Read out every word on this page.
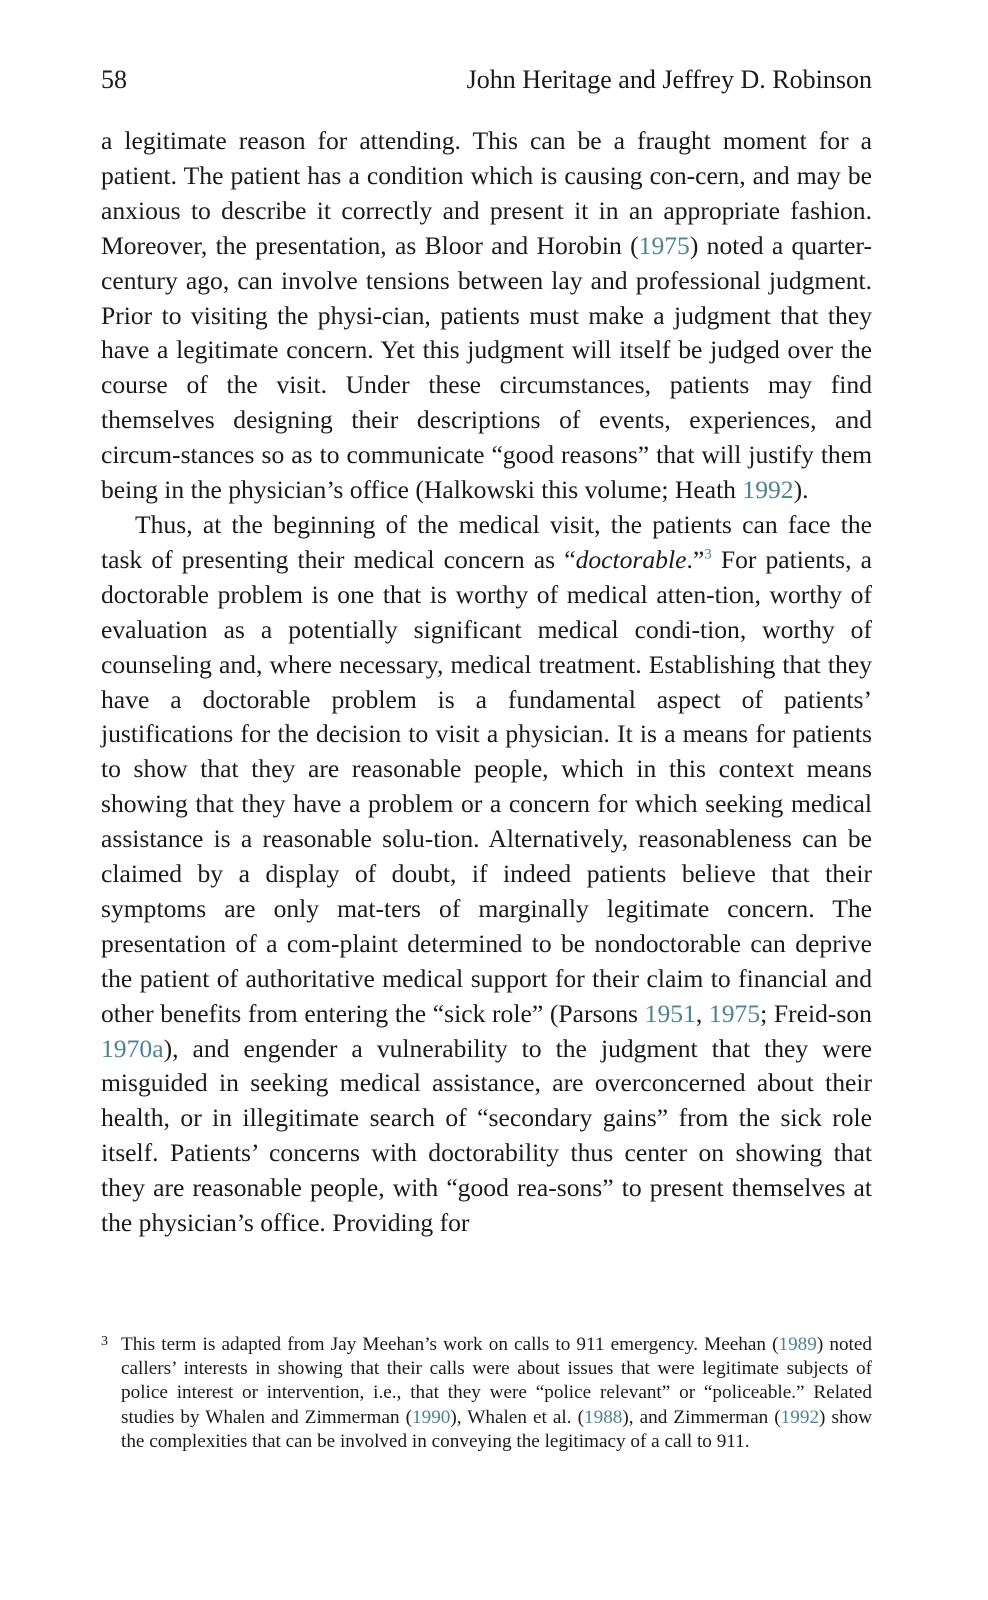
58	John Heritage and Jeffrey D. Robinson

a legitimate reason for attending. This can be a fraught moment for a patient. The patient has a condition which is causing con-cern, and may be anxious to describe it correctly and present it in an appropriate fashion. Moreover, the presentation, as Bloor and Horobin (1975) noted a quarter-century ago, can involve tensions between lay and professional judgment. Prior to visiting the physi-cian, patients must make a judgment that they have a legitimate concern. Yet this judgment will itself be judged over the course of the visit. Under these circumstances, patients may find themselves designing their descriptions of events, experiences, and circum-stances so as to communicate “good reasons” that will justify them being in the physician’s office (Halkowski this volume; Heath 1992).

Thus, at the beginning of the medical visit, the patients can face the task of presenting their medical concern as “doctorable.”$^3$ For patients, a doctorable problem is one that is worthy of medical atten-tion, worthy of evaluation as a potentially significant medical condi-tion, worthy of counseling and, where necessary, medical treatment. Establishing that they have a doctorable problem is a fundamental aspect of patients’ justifications for the decision to visit a physician. It is a means for patients to show that they are reasonable people, which in this context means showing that they have a problem or a concern for which seeking medical assistance is a reasonable solu-tion. Alternatively, reasonableness can be claimed by a display of doubt, if indeed patients believe that their symptoms are only mat-ters of marginally legitimate concern. The presentation of a com-plaint determined to be nondoctorable can deprive the patient of authoritative medical support for their claim to financial and other benefits from entering the “sick role” (Parsons 1951, 1975; Freid-son 1970a), and engender a vulnerability to the judgment that they were misguided in seeking medical assistance, are overconcerned about their health, or in illegitimate search of “secondary gains” from the sick role itself. Patients’ concerns with doctorability thus center on showing that they are reasonable people, with “good rea-sons” to present themselves at the physician’s office. Providing for

3 This term is adapted from Jay Meehan’s work on calls to 911 emergency. Meehan (1989) noted callers’ interests in showing that their calls were about issues that were legitimate subjects of police interest or intervention, i.e., that they were “police relevant” or “policeable.” Related studies by Whalen and Zimmerman (1990), Whalen et al. (1988), and Zimmerman (1992) show the complexities that can be involved in conveying the legitimacy of a call to 911.
